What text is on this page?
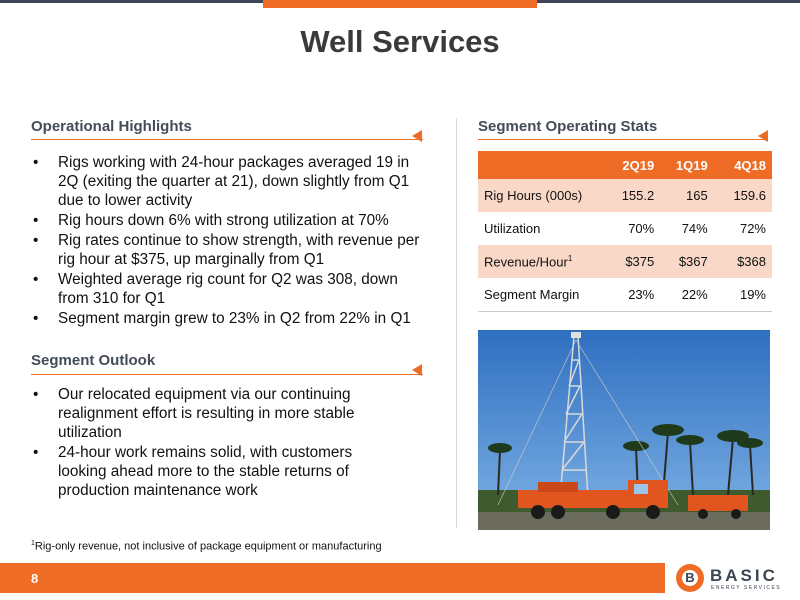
Well Services
Operational Highlights
• Rigs working with 24-hour packages averaged 19 in 2Q (exiting the quarter at 21), down slightly from Q1 due to lower activity
• Rig hours down 6% with strong utilization at 70%
• Rig rates continue to show strength, with revenue per rig hour at $375, up marginally from Q1
• Weighted average rig count for Q2 was 308, down from 310 for Q1
• Segment margin grew to 23% in Q2 from 22% in Q1
Segment Outlook
• Our relocated equipment via our continuing realignment effort is resulting in more stable utilization
• 24-hour work remains solid, with customers looking ahead more to the stable returns of production maintenance work
Segment Operating Stats
	2Q19	1Q19	4Q18
Rig Hours (000s)	155.2	165	159.6
Utilization	70%	74%	72%
Revenue/Hour$^1$	$375	$367	$368
Segment Margin	23%	22%	19%
$^1$Rig-only revenue, not inclusive of package equipment or manufacturing
8	B BASIC
ENERGY SERVICES
